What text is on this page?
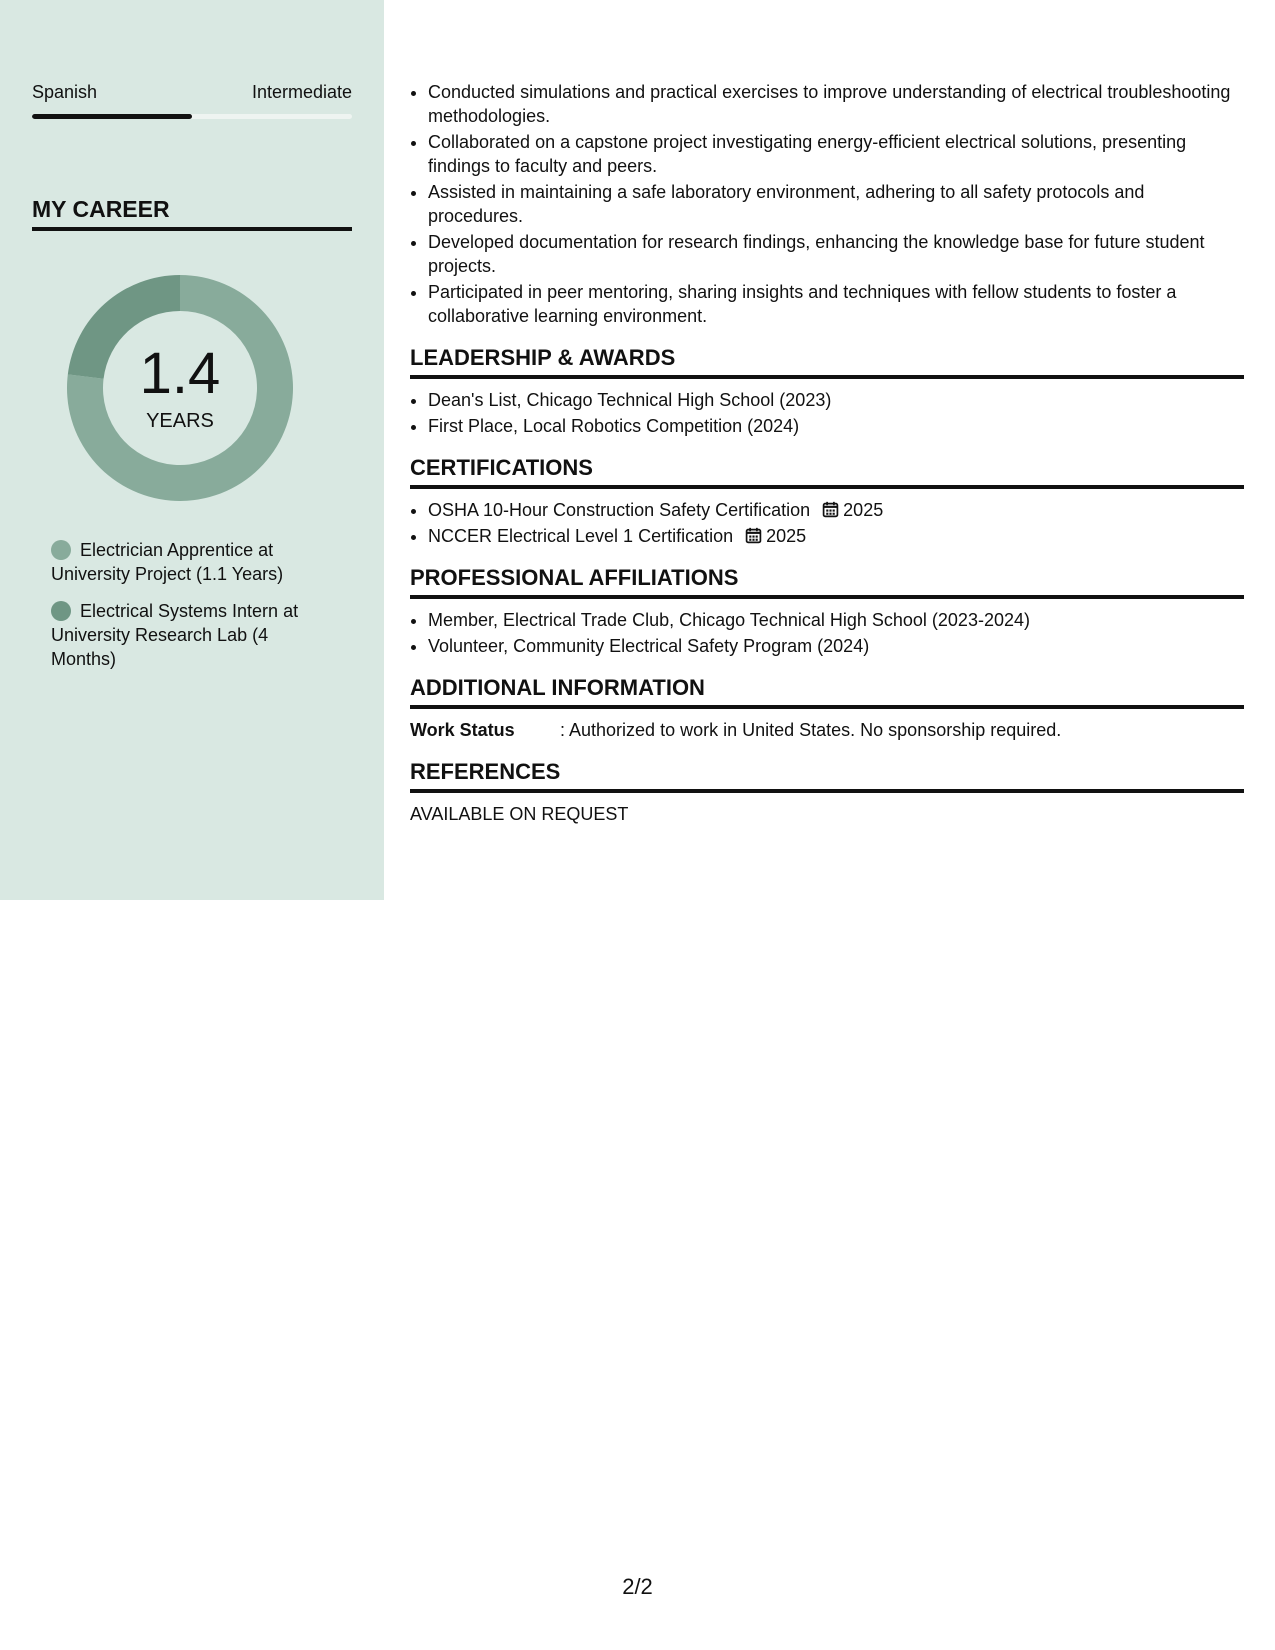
Spanish	Intermediate
MY CAREER
1.4
YEARS
Electrician Apprentice at University Project (1.1 Years)
Electrical Systems Intern at University Research Lab (4 Months)
• Conducted simulations and practical exercises to improve understanding of electrical troubleshooting methodologies.
• Collaborated on a capstone project investigating energy-efficient electrical solutions, presenting findings to faculty and peers.
• Assisted in maintaining a safe laboratory environment, adhering to all safety protocols and procedures.
• Developed documentation for research findings, enhancing the knowledge base for future student projects.
• Participated in peer mentoring, sharing insights and techniques with fellow students to foster a collaborative learning environment.
LEADERSHIP & AWARDS
• Dean's List, Chicago Technical High School (2023)
• First Place, Local Robotics Competition (2024)
CERTIFICATIONS
• OSHA 10-Hour Construction Safety Certification 2025
• NCCER Electrical Level 1 Certification 2025
PROFESSIONAL AFFILIATIONS
• Member, Electrical Trade Club, Chicago Technical High School (2023-2024)
• Volunteer, Community Electrical Safety Program (2024)
ADDITIONAL INFORMATION
Work Status	: Authorized to work in United States. No sponsorship required.
REFERENCES
AVAILABLE ON REQUEST
2/2
